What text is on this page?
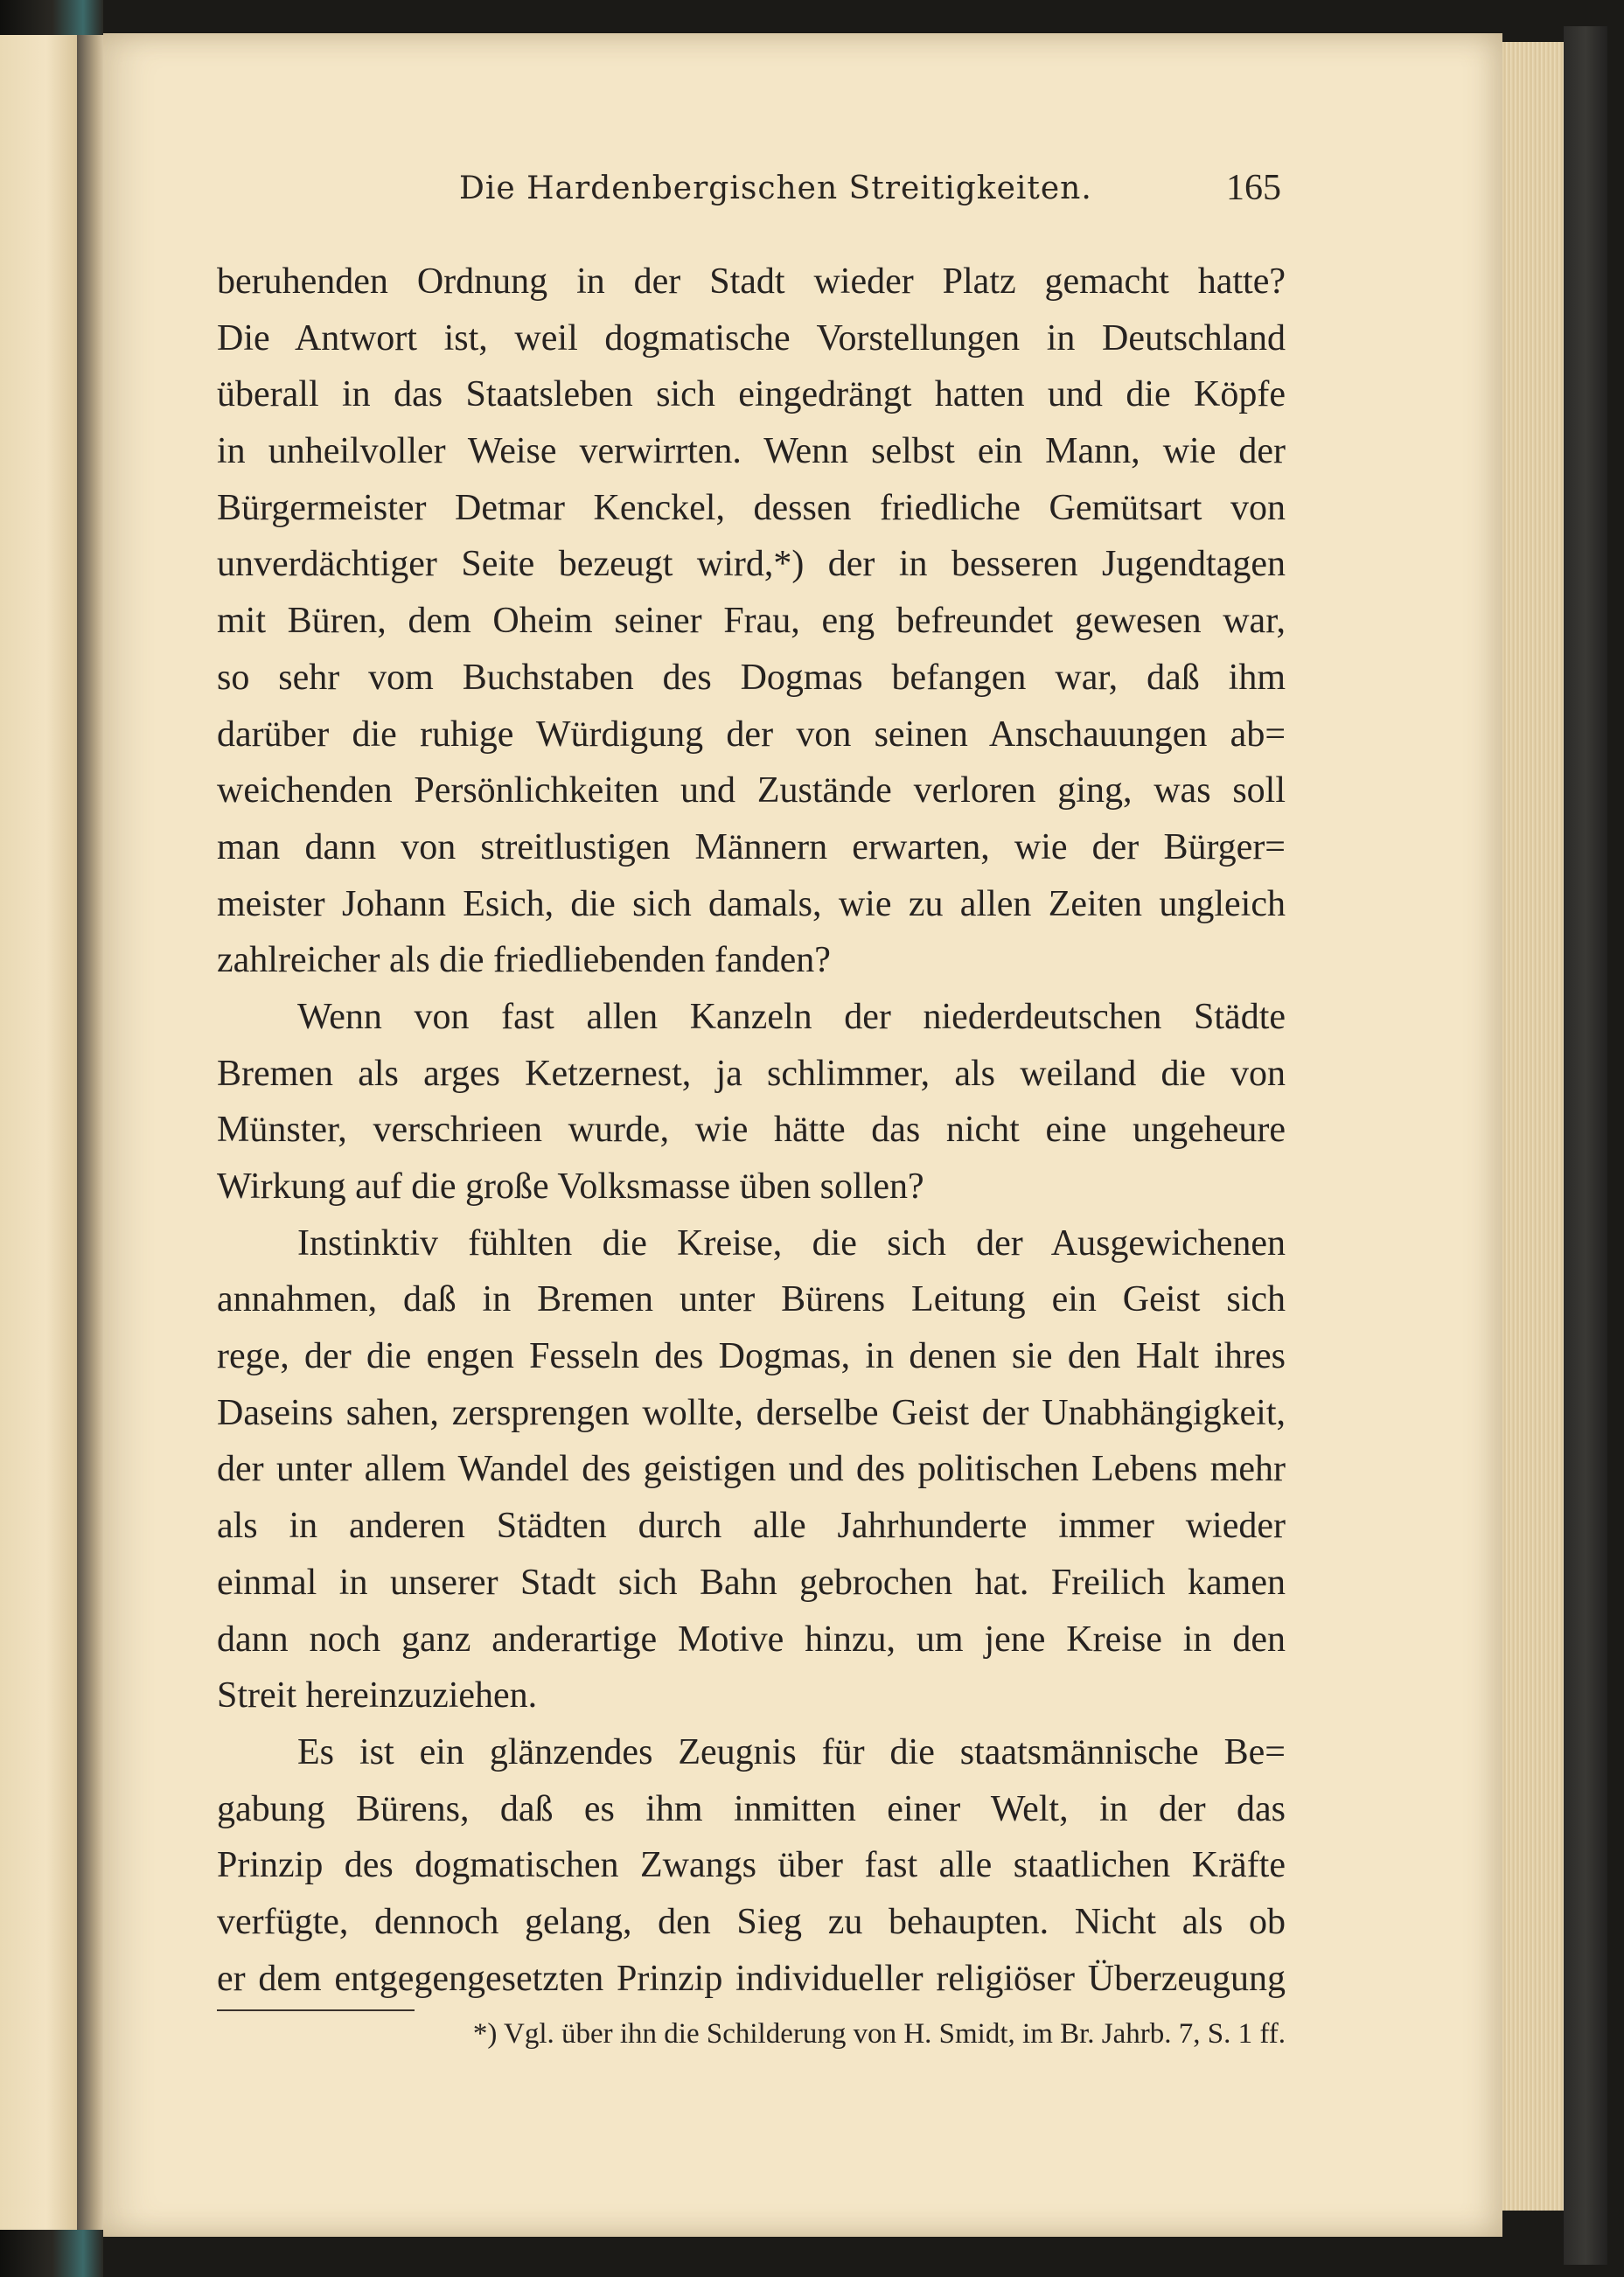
Die Hardenbergischen Streitigkeiten.	165
beruhenden Ordnung in der Stadt wieder Platz gemacht hatte?
Die Antwort ist, weil dogmatische Vorstellungen in Deutschland
überall in das Staatsleben sich eingedrängt hatten und die Köpfe
in unheilvoller Weise verwirrten. Wenn selbst ein Mann, wie der
Bürgermeister Detmar Kenckel, dessen friedliche Gemütsart von
unverdächtiger Seite bezeugt wird,*) der in besseren Jugendtagen
mit Büren, dem Oheim seiner Frau, eng befreundet gewesen war,
so sehr vom Buchstaben des Dogmas befangen war, daß ihm
darüber die ruhige Würdigung der von seinen Anschauungen ab=
weichenden Persönlichkeiten und Zustände verloren ging, was soll
man dann von streitlustigen Männern erwarten, wie der Bürger=
meister Johann Esich, die sich damals, wie zu allen Zeiten ungleich
zahlreicher als die friedliebenden fanden?
Wenn von fast allen Kanzeln der niederdeutschen Städte
Bremen als arges Ketzernest, ja schlimmer, als weiland die von
Münster, verschrieen wurde, wie hätte das nicht eine ungeheure
Wirkung auf die große Volksmasse üben sollen?
Instinktiv fühlten die Kreise, die sich der Ausgewichenen
annahmen, daß in Bremen unter Bürens Leitung ein Geist sich
rege, der die engen Fesseln des Dogmas, in denen sie den Halt ihres
Daseins sahen, zersprengen wollte, derselbe Geist der Unabhängigkeit,
der unter allem Wandel des geistigen und des politischen Lebens mehr
als in anderen Städten durch alle Jahrhunderte immer wieder
einmal in unserer Stadt sich Bahn gebrochen hat. Freilich kamen
dann noch ganz anderartige Motive hinzu, um jene Kreise in den
Streit hereinzuziehen.
Es ist ein glänzendes Zeugnis für die staatsmännische Be=
gabung Bürens, daß es ihm inmitten einer Welt, in der das
Prinzip des dogmatischen Zwangs über fast alle staatlichen Kräfte
verfügte, dennoch gelang, den Sieg zu behaupten. Nicht als ob
er dem entgegengesetzten Prinzip individueller religiöser Überzeugung
*) Vgl. über ihn die Schilderung von H. Smidt, im Br. Jahrb. 7, S. 1 ff.
